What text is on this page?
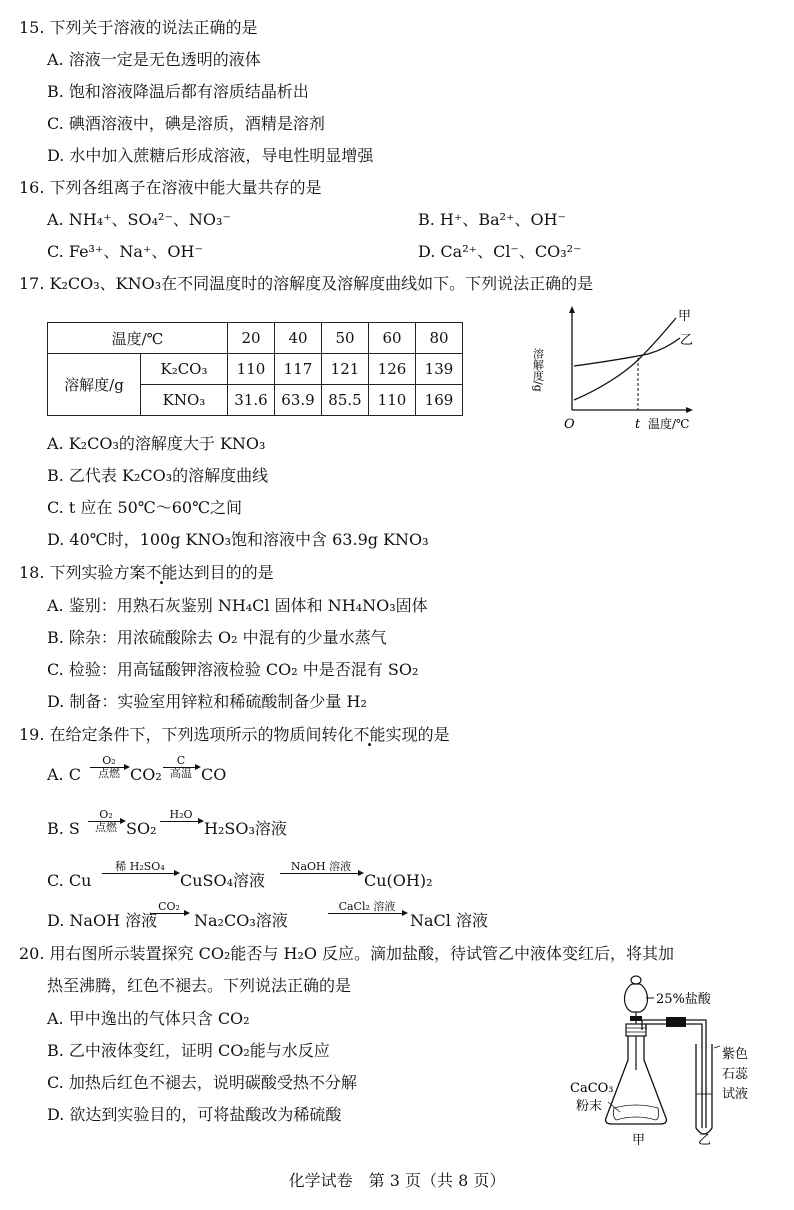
15. 下列关于溶液的说法正确的是
A. 溶液一定是无色透明的液体
B. 饱和溶液降温后都有溶质结晶析出
C. 碘酒溶液中，碘是溶质，酒精是溶剂
D. 水中加入蔗糖后形成溶液，导电性明显增强
16. 下列各组离子在溶液中能大量共存的是
A. NH₄⁺、SO₄²⁻、NO₃⁻	B. H⁺、Ba²⁺、OH⁻
C. Fe³⁺、Na⁺、OH⁻	D. Ca²⁺、Cl⁻、CO₃²⁻
17. K₂CO₃、KNO₃在不同温度时的溶解度及溶解度曲线如下。下列说法正确的是
温度/℃		20	40	50	60	80
溶解度/g	K₂CO₃	110	117	121	126	139
	KNO₃	31.6	63.9	85.5	110	169
溶解度/g
O	t 温度/℃
甲
乙
A. K₂CO₃的溶解度大于 KNO₃
B. 乙代表 K₂CO₃的溶解度曲线
C. t 应在 50℃～60℃之间
D. 40℃时，100g KNO₃饱和溶液中含 63.9g KNO₃
18. 下列实验方案不能达到目的的是
A. 鉴别：用熟石灰鉴别 NH₄Cl 固体和 NH₄NO₃固体
B. 除杂：用浓硫酸除去 O₂ 中混有的少量水蒸气
C. 检验：用高锰酸钾溶液检验 CO₂ 中是否混有 SO₂
D. 制备：实验室用锌粒和稀硫酸制备少量 H₂
19. 在给定条件下，下列选项所示的物质间转化不能实现的是
A. C
O₂
点燃 CO₂
C
高温 CO
B. S
O₂
点燃 SO₂
H₂O
H₂SO₃溶液
C. Cu
稀 H₂SO₄
CuSO₄溶液
NaOH 溶液
Cu(OH)₂
D. NaOH 溶液
CO₂
Na₂CO₃溶液
CaCl₂ 溶液
NaCl 溶液
20. 用右图所示装置探究 CO₂能否与 H₂O 反应。滴加盐酸，待试管乙中液体变红后，将其加
热至沸腾，红色不褪去。下列说法正确的是
A. 甲中逸出的气体只含 CO₂
B. 乙中液体变红，证明 CO₂能与水反应
C. 加热后红色不褪去，说明碳酸受热不分解
D. 欲达到实验目的，可将盐酸改为稀硫酸
25%盐酸
紫色
石蕊
试液
CaCO₃
粉末
甲	乙
化学试卷　第 3 页（共 8 页）
